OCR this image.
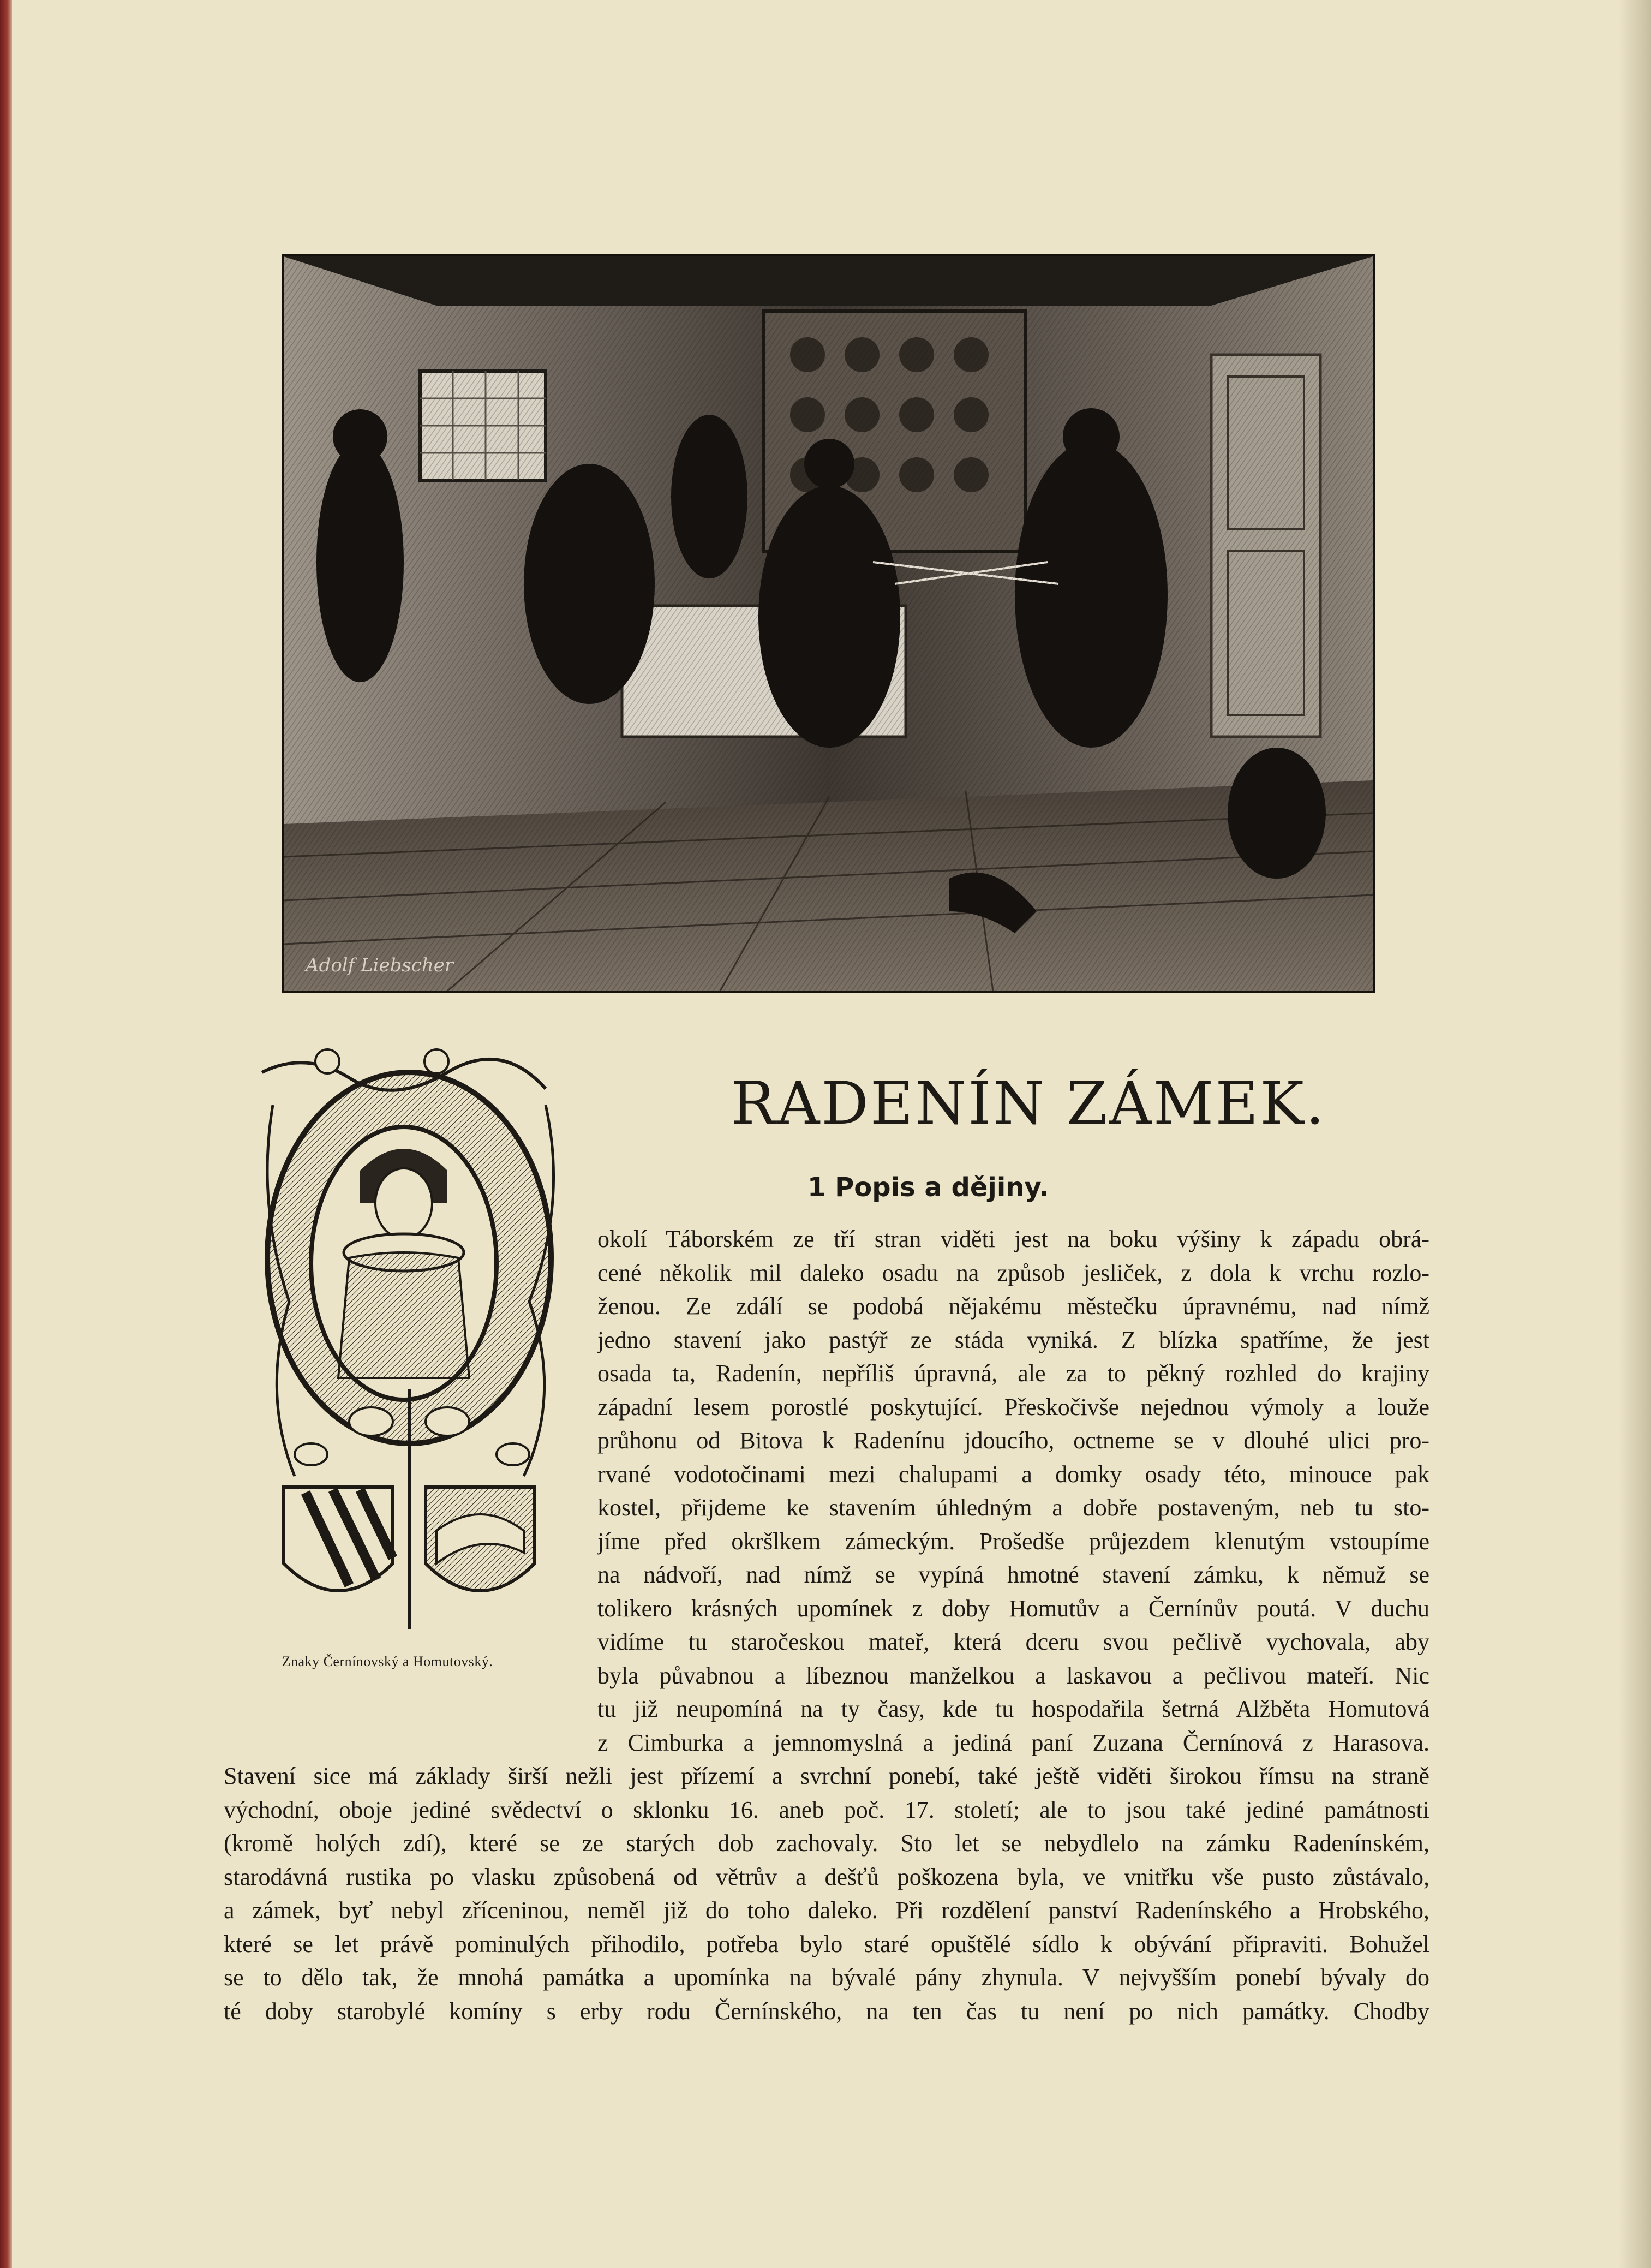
Adolf Liebscher
Znaky Černínovský a Homutovský.
RADENÍN ZÁMEK.
1 Popis a dějiny.
okolí Táborském ze tří stran viděti jest na boku výšiny k západu obrá-
cené několik mil daleko osadu na způsob jesliček, z dola k vrchu rozlo-
ženou. Ze zdálí se podobá nějakému městečku úpravnému, nad nímž
jedno stavení jako pastýř ze stáda vyniká. Z blízka spatříme, že jest
osada ta, Radenín, nepříliš úpravná, ale za to pěkný rozhled do krajiny
západní lesem porostlé poskytující. Přeskočivše nejednou výmoly a louže
průhonu od Bitova k Radenínu jdoucího, octneme se v dlouhé ulici pro-
rvané vodotočinami mezi chalupami a domky osady této, minouce pak
kostel, přijdeme ke stavením úhledným a dobře postaveným, neb tu sto-
jíme před okršlkem zámeckým. Prošedše průjezdem klenutým vstoupíme
na nádvoří, nad nímž se vypíná hmotné stavení zámku, k němuž se
tolikero krásných upomínek z doby Homutův a Černínův poutá. V duchu
vidíme tu staročeskou mateř, která dceru svou pečlivě vychovala, aby
byla půvabnou a líbeznou manželkou a laskavou a pečlivou mateří. Nic
tu již neupomíná na ty časy, kde tu hospodařila šetrná Alžběta Homutová
z Cimburka a jemnomyslná a jediná paní Zuzana Černínová z Harasova.
Stavení sice má základy širší nežli jest přízemí a svrchní ponebí, také ještě viděti širokou římsu na straně
východní, oboje jediné svědectví o sklonku 16. aneb poč. 17. století; ale to jsou také jediné památnosti
(kromě holých zdí), které se ze starých dob zachovaly. Sto let se nebydlelo na zámku Radenínském,
starodávná rustika po vlasku způsobená od větrův a dešťů poškozena byla, ve vnitřku vše pusto zůstávalo,
a zámek, byť nebyl zříceninou, neměl již do toho daleko. Při rozdělení panství Radenínského a Hrobského,
které se let právě pominulých přihodilo, potřeba bylo staré opuštělé sídlo k obývání připraviti. Bohužel
se to dělo tak, že mnohá památka a upomínka na bývalé pány zhynula. V nejvyšším ponebí bývaly do
té doby starobylé komíny s erby rodu Černínského, na ten čas tu není po nich památky. Chodby
